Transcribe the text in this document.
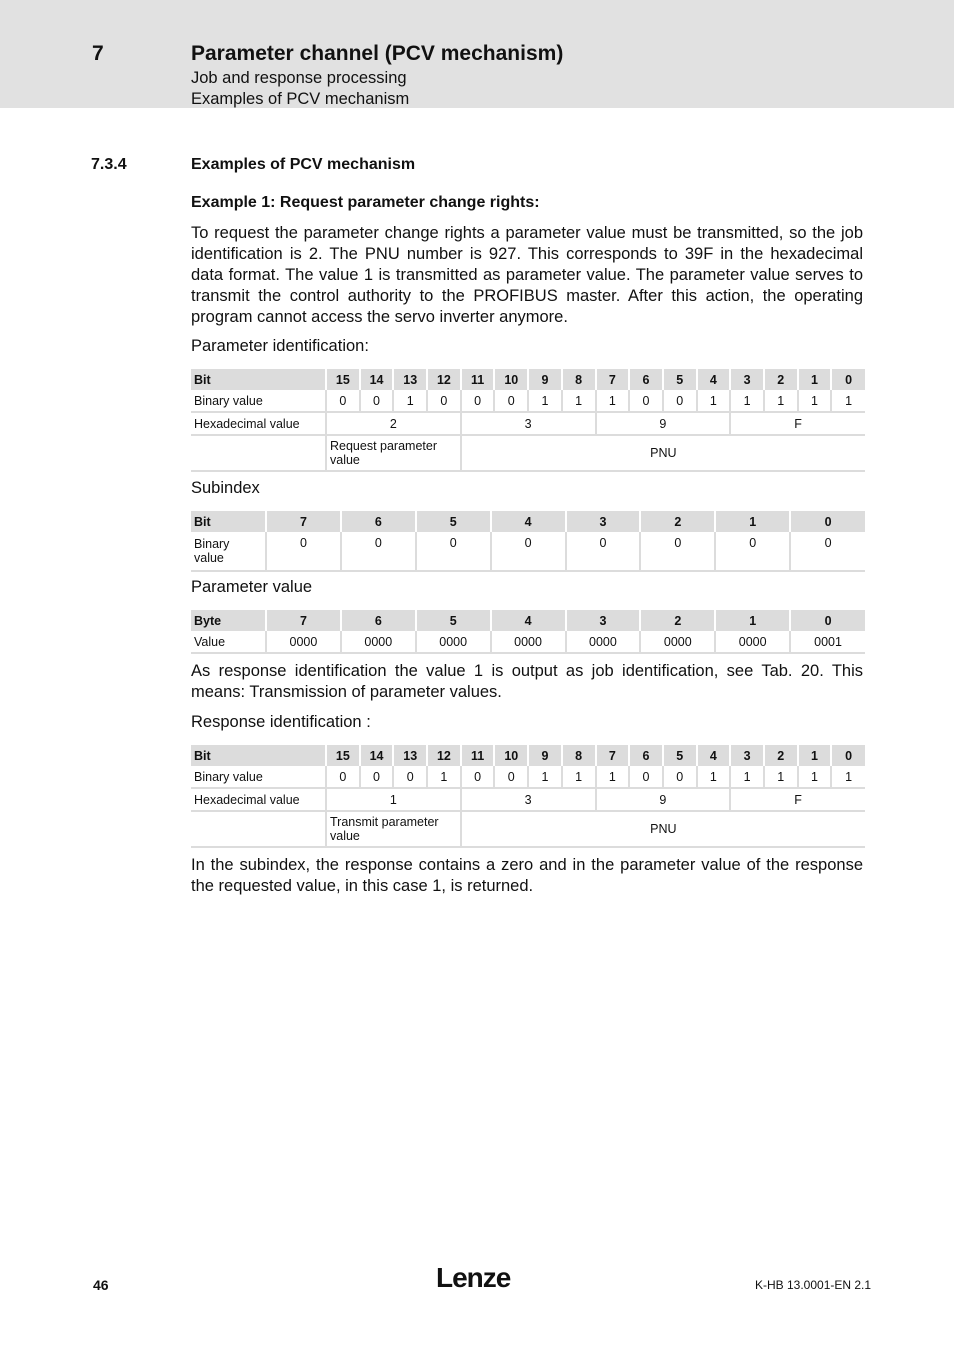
7	Parameter channel (PCV mechanism)
Job and response processing
Examples of PCV mechanism
7.3.4	Examples of PCV mechanism
Example 1: Request parameter change rights:

To request the parameter change rights a parameter value must be transmitted, so the job identification is 2. The PNU number is 927. This corresponds to 39F in the hexadecimal data format. The value 1 is transmitted as parameter value. The parameter value serves to transmit the control authority to the PROFIBUS master. After this action, the operating program cannot access the servo inverter anymore.

Parameter identification:
Bit	15	14	13	12	11	10	9	8	7	6	5	4	3	2	1	0
Binary value	0	0	1	0	0	0	1	1	1	0	0	1	1	1	1	1
Hexadecimal value	2				3				9				F			
	Request parameter value				PNU											
Subindex
Bit	7	6	5	4	3	2	1	0
Binary value	0	0	0	0	0	0	0	0
Parameter value
Byte	7	6	5	4	3	2	1	0
Value	0000	0000	0000	0000	0000	0000	0000	0001

As response identification the value 1 is output as job identification, see Tab. 20. This means: Transmission of parameter values.

Response identification :
Bit	15	14	13	12	11	10	9	8	7	6	5	4	3	2	1	0
Binary value	0	0	0	1	0	0	1	1	1	0	0	1	1	1	1	1
Hexadecimal value	1				3				9				F			
	Transmit parameter value				PNU											

In the subindex, the response contains a zero and in the parameter value of the response the requested value, in this case 1, is returned.

46	Lenze	K-HB 13.0001-EN 2.1
